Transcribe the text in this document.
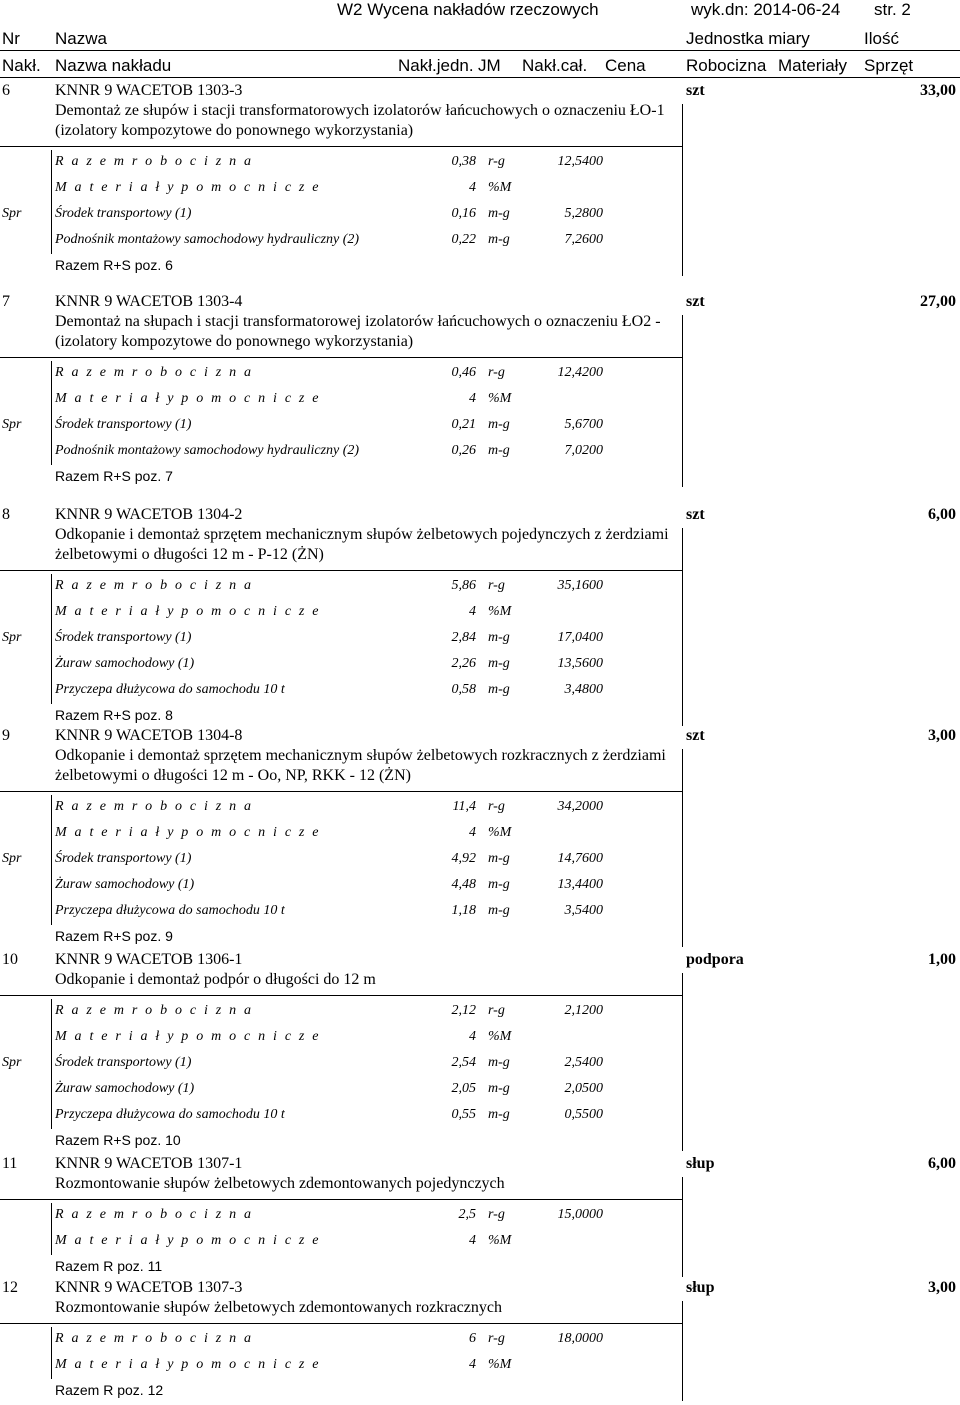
W2 Wycena nakładów rzeczowych	wyk.dn: 2014-06-24 str. 2
Nr Nazwa	Jednostka miary	Ilość
Nakł. Nazwa nakładu	Nakł.jedn. JM Nakł.cał. Cena Robocizna Materiały Sprzęt
6	KNNR 9 WACETOB 1303-3	szt	33,00
Demontaż ze słupów i stacji transformatorowych izolatorów łańcuchowych o oznaczeniu ŁO-1
(izolatory kompozytowe do ponownego wykorzystania)
R a z e m r o b o c i z n a	0,38 r-g	12,5400
M a t e r i a ł y p o m o c n i c z e	4 %M
Spr Środek transportowy (1)	0,16 m-g	5,2800
Podnośnik montażowy samochodowy hydrauliczny (2)	0,22 m-g	7,2600
Razem R+S poz. 6
7	KNNR 9 WACETOB 1303-4	szt	27,00
Demontaż na słupach i stacji transformatorowej izolatorów łańcuchowych o oznaczeniu ŁO2 -
(izolatory kompozytowe do ponownego wykorzystania)
R a z e m r o b o c i z n a	0,46 r-g	12,4200
M a t e r i a ł y p o m o c n i c z e	4 %M
Spr Środek transportowy (1)	0,21 m-g	5,6700
Podnośnik montażowy samochodowy hydrauliczny (2)	0,26 m-g	7,0200
Razem R+S poz. 7
8	KNNR 9 WACETOB 1304-2	szt	6,00
Odkopanie i demontaż sprzętem mechanicznym słupów żelbetowych pojedynczych z żerdziami
żelbetowymi o długości 12 m - P-12 (ŻN)
R a z e m r o b o c i z n a	5,86 r-g	35,1600
M a t e r i a ł y p o m o c n i c z e	4 %M
Spr Środek transportowy (1)	2,84 m-g	17,0400
Żuraw samochodowy (1)	2,26 m-g	13,5600
Przyczepa dłużycowa do samochodu 10 t	0,58 m-g	3,4800
Razem R+S poz. 8
9	KNNR 9 WACETOB 1304-8	szt	3,00
Odkopanie i demontaż sprzętem mechanicznym słupów żelbetowych rozkracznych z żerdziami
żelbetowymi o długości 12 m - Oo, NP, RKK - 12 (ŻN)
R a z e m r o b o c i z n a	11,4 r-g	34,2000
M a t e r i a ł y p o m o c n i c z e	4 %M
Spr Środek transportowy (1)	4,92 m-g	14,7600
Żuraw samochodowy (1)	4,48 m-g	13,4400
Przyczepa dłużycowa do samochodu 10 t	1,18 m-g	3,5400
Razem R+S poz. 9
10 KNNR 9 WACETOB 1306-1	podpora	1,00
Odkopanie i demontaż podpór o długości do 12 m
R a z e m r o b o c i z n a	2,12 r-g	2,1200
M a t e r i a ł y p o m o c n i c z e	4 %M
Spr Środek transportowy (1)	2,54 m-g	2,5400
Żuraw samochodowy (1)	2,05 m-g	2,0500
Przyczepa dłużycowa do samochodu 10 t	0,55 m-g	0,5500
Razem R+S poz. 10
11 KNNR 9 WACETOB 1307-1	słup	6,00
Rozmontowanie słupów żelbetowych zdemontowanych pojedynczych
R a z e m r o b o c i z n a	2,5 r-g	15,0000
M a t e r i a ł y p o m o c n i c z e	4 %M
Razem R poz. 11
12 KNNR 9 WACETOB 1307-3	słup	3,00
Rozmontowanie słupów żelbetowych zdemontowanych rozkracznych
R a z e m r o b o c i z n a	6 r-g	18,0000
M a t e r i a ł y p o m o c n i c z e	4 %M
Razem R poz. 12
